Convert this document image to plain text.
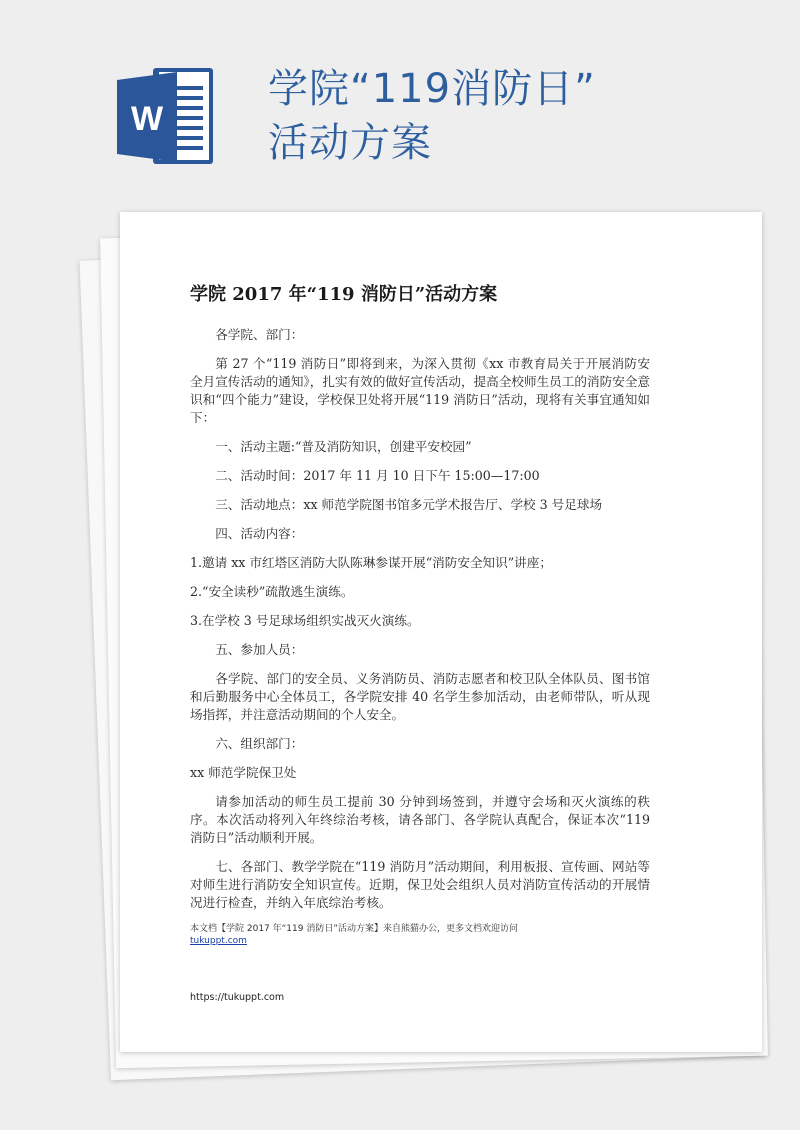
W
学院“119消防日”
活动方案
学院 2017 年“119 消防日”活动方案

各学院、部门：

第 27 个“119 消防日”即将到来，为深入贯彻《xx 市教育局关于开展消防安全月宣传活动的通知》，扎实有效的做好宣传活动，提高全校师生员工的消防安全意识和“四个能力”建设，学校保卫处将开展“119 消防日”活动，现将有关事宜通知如下：

一、活动主题:“普及消防知识，创建平安校园”

二、活动时间：2017 年 11 月 10 日下午 15:00—17:00

三、活动地点：xx 师范学院图书馆多元学术报告厅、学校 3 号足球场

四、活动内容：

1.邀请 xx 市红塔区消防大队陈琳参谋开展“消防安全知识”讲座；

2.“安全读秒”疏散逃生演练。

3.在学校 3 号足球场组织实战灭火演练。

五、参加人员：

各学院、部门的安全员、义务消防员、消防志愿者和校卫队全体队员、图书馆和后勤服务中心全体员工，各学院安排 40 名学生参加活动，由老师带队，听从现场指挥，并注意活动期间的个人安全。

六、组织部门：

xx 师范学院保卫处

请参加活动的师生员工提前 30 分钟到场签到，并遵守会场和灭火演练的秩序。本次活动将列入年终综治考核，请各部门、各学院认真配合，保证本次“119 消防日”活动顺利开展。

七、各部门、教学学院在“119 消防月”活动期间，利用板报、宣传画、网站等对师生进行消防安全知识宣传。近期，保卫处会组织人员对消防宣传活动的开展情况进行检查，并纳入年底综治考核。

本文档【学院 2017 年“119 消防日”活动方案】来自熊猫办公，更多文档欢迎访问
tukuppt.com
https://tukuppt.com
